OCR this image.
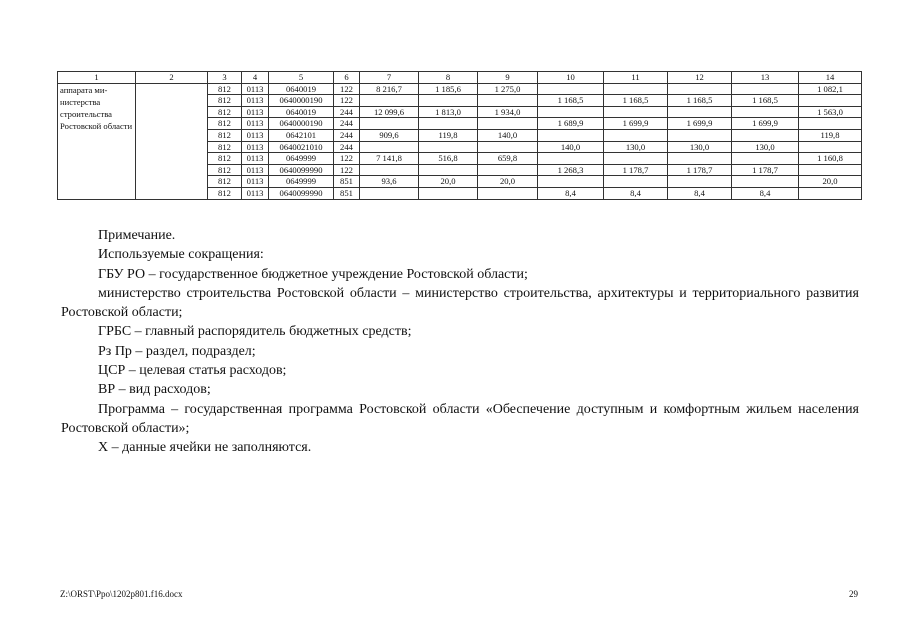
1	2	3	4	5	6	7	8	9	10	11	12	13	14
аппарата ми-нистерства строительства Ростовской области		812	0113	0640019	122	8 216,7	1 185,6	1 275,0					1 082,1
		812	0113	0640000190	122				1 168,5	1 168,5	1 168,5	1 168,5	
		812	0113	0640019	244	12 099,6	1 813,0	1 934,0					1 563,0
		812	0113	0640000190	244				1 689,9	1 699,9	1 699,9	1 699,9	
		812	0113	0642101	244	909,6	119,8	140,0					119,8
		812	0113	0640021010	244				140,0	130,0	130,0	130,0	
		812	0113	0649999	122	7 141,8	516,8	659,8					1 160,8
		812	0113	0640099990	122				1 268,3	1 178,7	1 178,7	1 178,7	
		812	0113	0649999	851	93,6	20,0	20,0					20,0
		812	0113	0640099990	851				8,4	8,4	8,4	8,4	

Примечание.

Используемые сокращения:

ГБУ РО – государственное бюджетное учреждение Ростовской области;

министерство строительства Ростовской области – министерство строительства, архитектуры и территориального развития Ростовской области;

ГРБС – главный распорядитель бюджетных средств;

Рз Пр – раздел, подраздел;

ЦСР – целевая статья расходов;

ВР – вид расходов;

Программа – государственная программа Ростовской области «Обеспечение доступным и комфортным жильем населения Ростовской области»;

Х – данные ячейки не заполняются.

Z:\ORST\Ppo\1202p801.f16.docx	29
